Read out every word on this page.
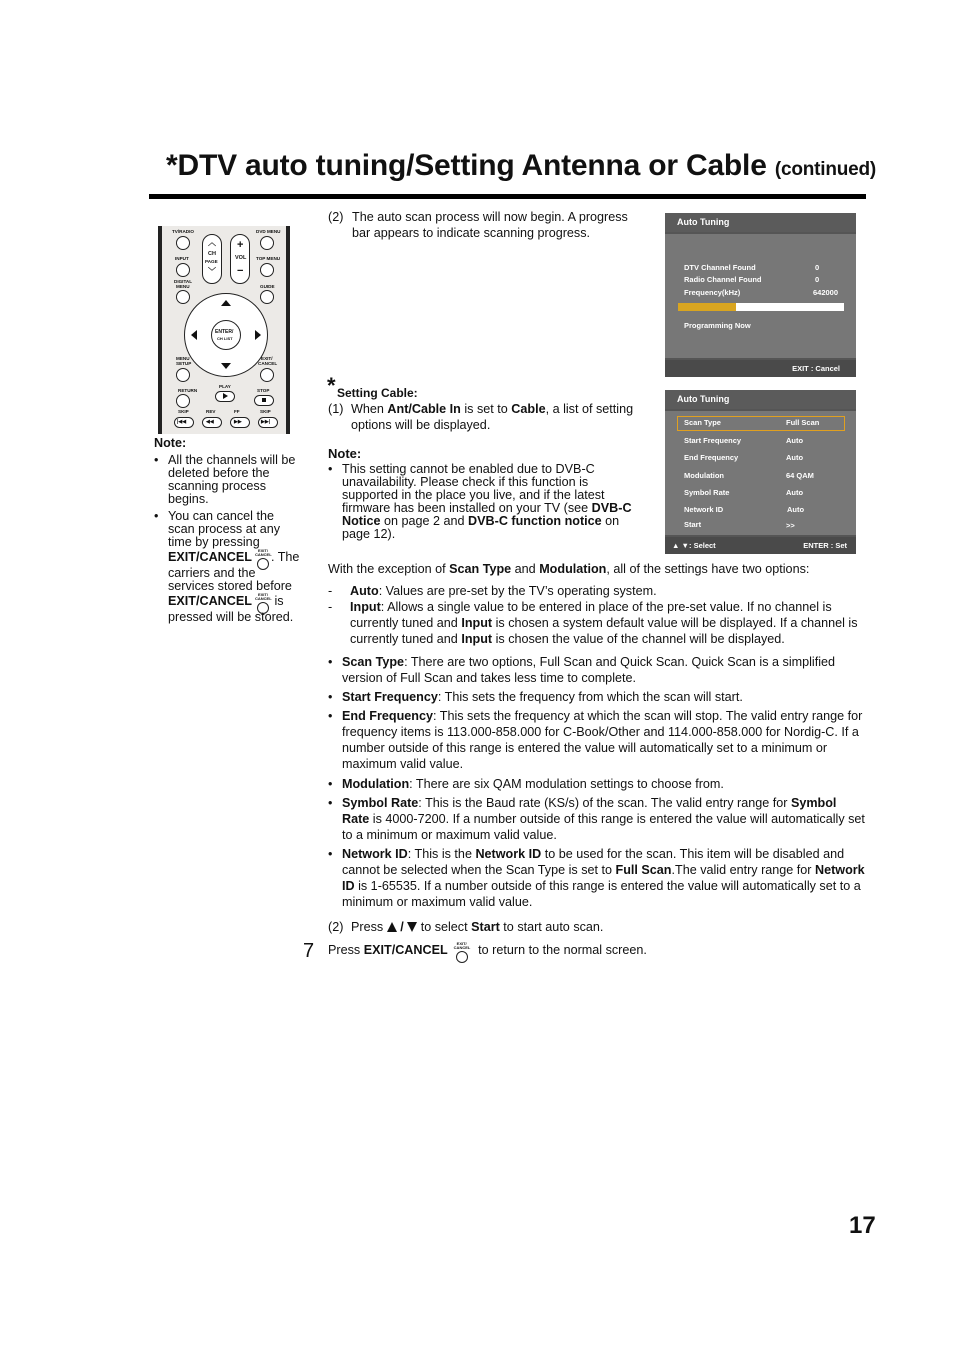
*DTV auto tuning/Setting Antenna or Cable (continued)
TV/RADIO	DVD MENU
CH
PAGE
VOL
+
−
︿
﹀
INPUT	TOP MENU
DIGITAL
MENU	GUIDE
ENTER/
CH LIST
MENU
SETUP
EXIT/
CANCEL
RETURN
PLAY
STOP
SKIP	REV	FF	SKIP
|◀◀	◀◀	▶▶	▶▶|
Note:
• All the channels will be deleted before the scanning process begins.
• You can cancel the scan process at any time by pressing
EXIT/CANCEL	EXIT/
CANCEL . The carriers and the services stored before
EXIT/CANCEL	EXIT/
CANCEL is pressed will be stored.
(2) The auto scan process will now begin. A progress bar appears to indicate scanning progress.
Auto Tuning
DTV Channel Found	0
Radio Channel Found	0
Frequency(kHz)	642000
Programming Now
EXIT : Cancel
* Setting Cable:
(1) When Ant/Cable In is set to Cable, a list of setting options will be displayed.
Note:
• This setting cannot be enabled due to DVB-C unavailability. Please check if this function is supported in the place you live, and if the latest firmware has been installed on your TV (see DVB-C Notice on page 2 and DVB-C function notice on page 12).
Auto Tuning
Scan Type	Full Scan
Start Frequency	Auto
End Frequency	Auto
Modulation	64 QAM
Symbol Rate	Auto
Network ID	Auto
Start	>>
▲ ▼ : Select	ENTER : Set
With the exception of Scan Type and Modulation, all of the settings have two options:
- Auto: Values are pre-set by the TV’s operating system.
- Input: Allows a single value to be entered in place of the pre-set value. If no channel is currently tuned and Input is chosen a system default value will be displayed. If a channel is currently tuned and Input is chosen the value of the channel will be displayed.
• Scan Type: There are two options, Full Scan and Quick Scan. Quick Scan is a simplified version of Full Scan and takes less time to complete.
• Start Frequency: This sets the frequency from which the scan will start.
• End Frequency: This sets the frequency at which the scan will stop. The valid entry range for frequency items is 113.000-858.000 for C-Book/Other and 114.000-858.000 for Nordig-C. If a number outside of this range is entered the value will automatically set to a minimum or maximum valid value.
• Modulation: There are six QAM modulation settings to choose from.
• Symbol Rate: This is the Baud rate (KS/s) of the scan. The valid entry range for Symbol Rate is 4000-7200. If a number outside of this range is entered the value will automatically set to a minimum or maximum valid value.
• Network ID: This is the Network ID to be used for the scan. This item will be disabled and cannot be selected when the Scan Type is set to Full Scan.The valid entry range for Network ID is 1-65535. If a number outside of this range is entered the value will automatically set to a minimum or maximum valid value.
(2) Press / to select Start to start auto scan.
7 Press EXIT/CANCEL	EXIT/
CANCEL to return to the normal screen.
17
